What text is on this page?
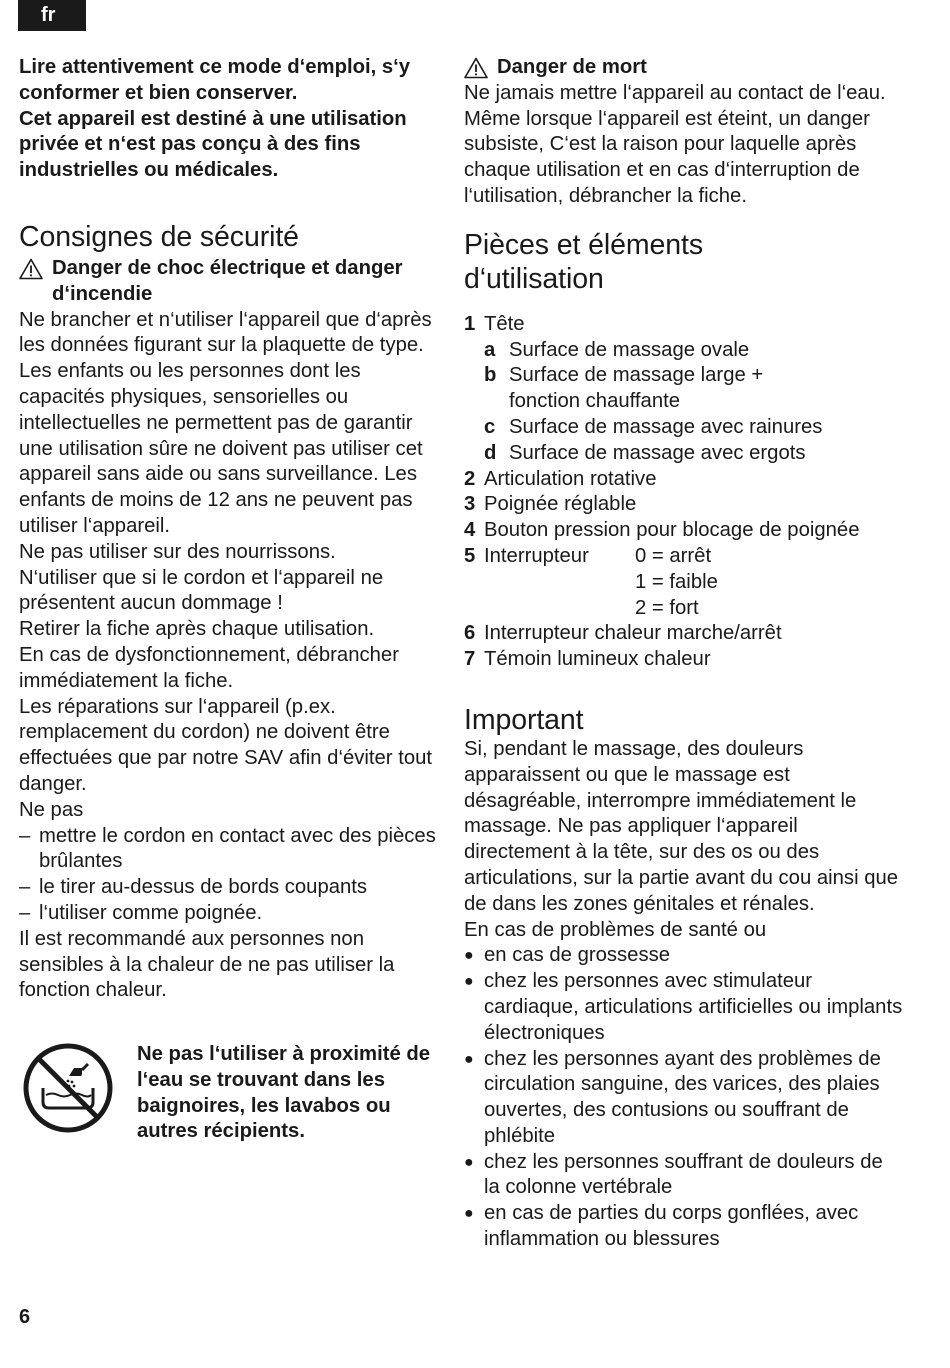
fr

Lire attentivement ce mode d‘emploi, s‘y conformer et bien conserver.

Cet appareil est destiné à une utilisation privée et n‘est pas conçu à des fins industrielles ou médicales.

Consignes de sécurité
Danger de choc électrique et danger d‘incendie

Ne brancher et n‘utiliser l‘appareil que d‘après les données figurant sur la plaquette de type.

Les enfants ou les personnes dont les capacités physiques, sensorielles ou intellectuelles ne permettent pas de garantir une utilisation sûre ne doivent pas utiliser cet appareil sans aide ou sans surveillance. Les enfants de moins de 12 ans ne peuvent pas utiliser l‘appareil.

Ne pas utiliser sur des nourrissons.

N‘utiliser que si le cordon et l‘appareil ne présentent aucun dommage !

Retirer la fiche après chaque utilisation.

En cas de dysfonctionnement, débrancher immédiatement la fiche.

Les réparations sur l‘appareil (p.ex. remplacement du cordon) ne doivent être effectuées que par notre SAV afin d‘éviter tout danger.

Ne pas

– mettre le cordon en contact avec des pièces brûlantes
– le tirer au-dessus de bords coupants
– l‘utiliser comme poignée.

Il est recommandé aux personnes non sensibles à la chaleur de ne pas utiliser la fonction chaleur.

Ne pas l‘utiliser à proximité de l‘eau se trouvant dans les baignoires, les lavabos ou autres récipients.
Danger de mort

Ne jamais mettre l‘appareil au contact de l‘eau. Même lorsque l‘appareil est éteint, un danger subsiste, C‘est la raison pour laquelle après chaque utilisation et en cas d‘interruption de l‘utilisation, débrancher la fiche.

Pièces et éléments
d‘utilisation
1 Tête
a Surface de massage ovale
b Surface de massage large + fonction chauffante
c Surface de massage avec rainures
d Surface de massage avec ergots
2 Articulation rotative
3 Poignée réglable
4 Bouton pression pour blocage de poignée
5 Interrupteur	0 = arrêt
1 = faible
2 = fort
6 Interrupteur chaleur marche/arrêt
7 Témoin lumineux chaleur
Important

Si, pendant le massage, des douleurs apparaissent ou que le massage est désagréable, interrompre immédiatement le massage. Ne pas appliquer l‘appareil directement à la tête, sur des os ou des articulations, sur la partie avant du cou ainsi que de dans les zones génitales et rénales.

En cas de problèmes de santé ou

● en cas de grossesse
● chez les personnes avec stimulateur cardiaque, articulations artificielles ou implants électroniques
● chez les personnes ayant des problèmes de circulation sanguine, des varices, des plaies ouvertes, des contusions ou souffrant de phlébite
● chez les personnes souffrant de douleurs de la colonne vertébrale
● en cas de parties du corps gonflées, avec inflammation ou blessures
6
